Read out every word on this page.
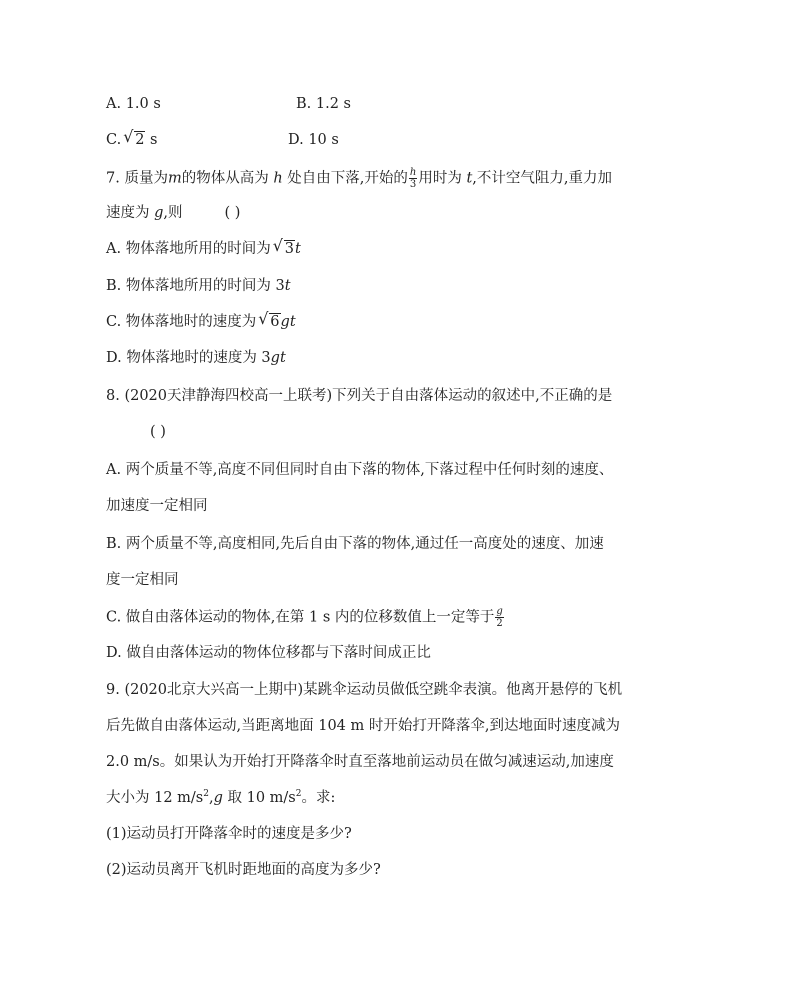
A. 1.0 s	B. 1.2 s
C. √ 2 s	D. 10 s
7. 质量为m的物体从高为 h 处自由下落,开始的 $\frac{h}{3}$ 用时为 t,不计空气阻力,重力加
速度为 g,则	( )
A. 物体落地所用的时间为 √ 3t
B. 物体落地所用的时间为 3t
C. 物体落地时的速度为 √ 6gt
D. 物体落地时的速度为 3gt
8. (2020天津静海四校高一上联考)下列关于自由落体运动的叙述中,不正确的是
( )
A. 两个质量不等,高度不同但同时自由下落的物体,下落过程中任何时刻的速度、
加速度一定相同
B. 两个质量不等,高度相同,先后自由下落的物体,通过任一高度处的速度、加速
度一定相同
C. 做自由落体运动的物体,在第 1 s 内的位移数值上一定等于 $\frac{g}{2}$
D. 做自由落体运动的物体位移都与下落时间成正比
9. (2020北京大兴高一上期中)某跳伞运动员做低空跳伞表演。他离开悬停的飞机
后先做自由落体运动,当距离地面 104 m 时开始打开降落伞,到达地面时速度减为
2.0 m/s。如果认为开始打开降落伞时直至落地前运动员在做匀减速运动,加速度
大小为 12 $m/s^2,g$ 取 10 $m/s^2$。求:
(1)运动员打开降落伞时的速度是多少?
(2)运动员离开飞机时距地面的高度为多少?
